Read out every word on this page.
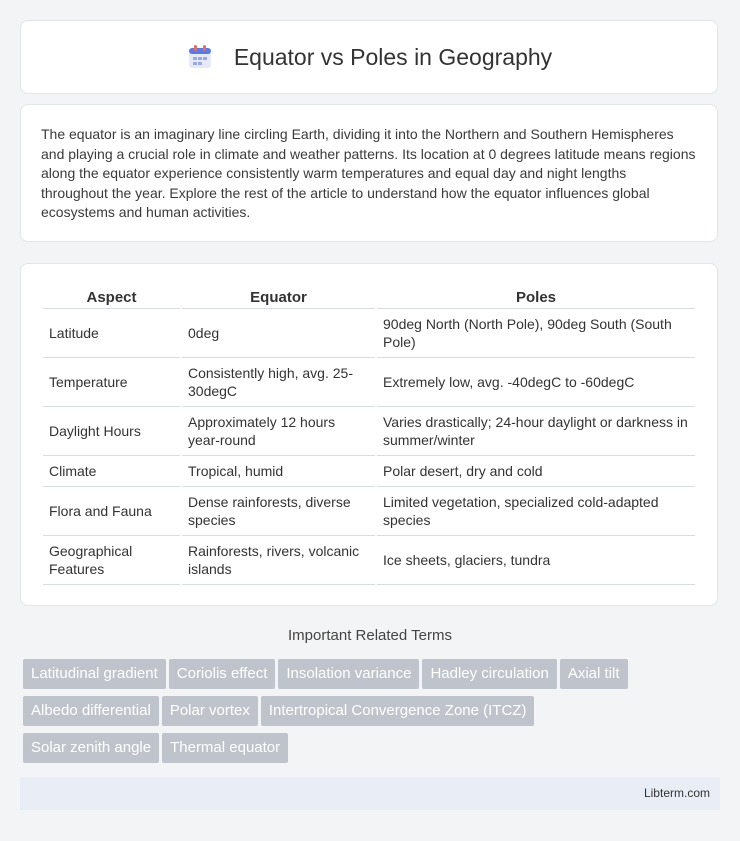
Equator vs Poles in Geography

The equator is an imaginary line circling Earth, dividing it into the Northern and Southern Hemispheres and playing a crucial role in climate and weather patterns. Its location at 0 degrees latitude means regions along the equator experience consistently warm temperatures and equal day and night lengths throughout the year. Explore the rest of the article to understand how the equator influences global ecosystems and human activities.

Aspect	Equator	Poles
Latitude	0deg	90deg North (North Pole), 90deg South (South Pole)
Temperature	Consistently high, avg. 25-30degC	Extremely low, avg. -40degC to -60degC
Daylight Hours	Approximately 12 hours year-round	Varies drastically; 24-hour daylight or darkness in summer/winter
Climate	Tropical, humid	Polar desert, dry and cold
Flora and Fauna	Dense rainforests, diverse species	Limited vegetation, specialized cold-adapted species
Geographical Features	Rainforests, rivers, volcanic islands	Ice sheets, glaciers, tundra
Important Related Terms
Latitudinal gradient Coriolis effect Insolation variance Hadley circulation Axial tilt
Albedo differential Polar vortex Intertropical Convergence Zone (ITCZ)
Solar zenith angle Thermal equator
Libterm.com
